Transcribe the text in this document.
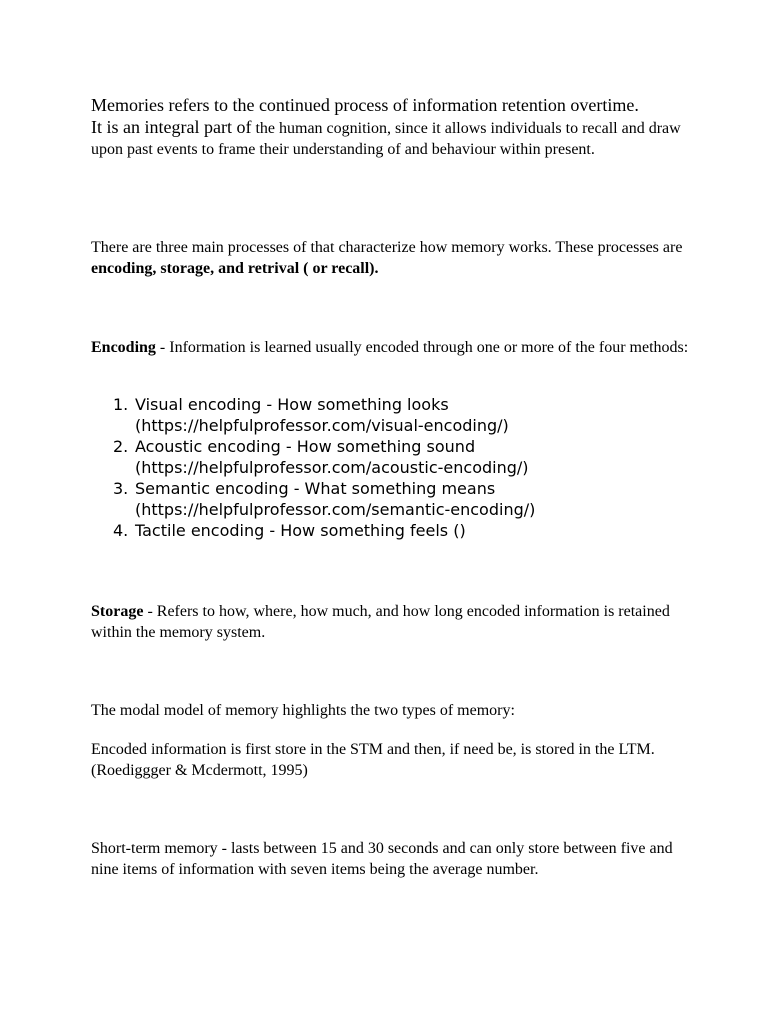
Memories refers to the continued process of information retention overtime.
It is an integral part of the human cognition, since it allows individuals to recall and draw upon past events to frame their understanding of and behaviour within present.

There are three main processes of that characterize how memory works. These processes are encoding, storage, and retrival ( or recall).

Encoding - Information is learned usually encoded through one or more of the four methods:

1. Visual encoding - How something looks
(https://helpfulprofessor.com/visual-encoding/)
2. Acoustic encoding - How something sound
(https://helpfulprofessor.com/acoustic-encoding/)
3. Semantic encoding - What something means
(https://helpfulprofessor.com/semantic-encoding/)
4. Tactile encoding - How something feels ()

Storage - Refers to how, where, how much, and how long encoded information is retained within the memory system.

The modal model of memory highlights the two types of memory:

Encoded information is first store in the STM and then, if need be, is stored in the LTM. (Roediggger & Mcdermott, 1995)

Short-term memory - lasts between 15 and 30 seconds and can only store between five and nine items of information with seven items being the average number.
